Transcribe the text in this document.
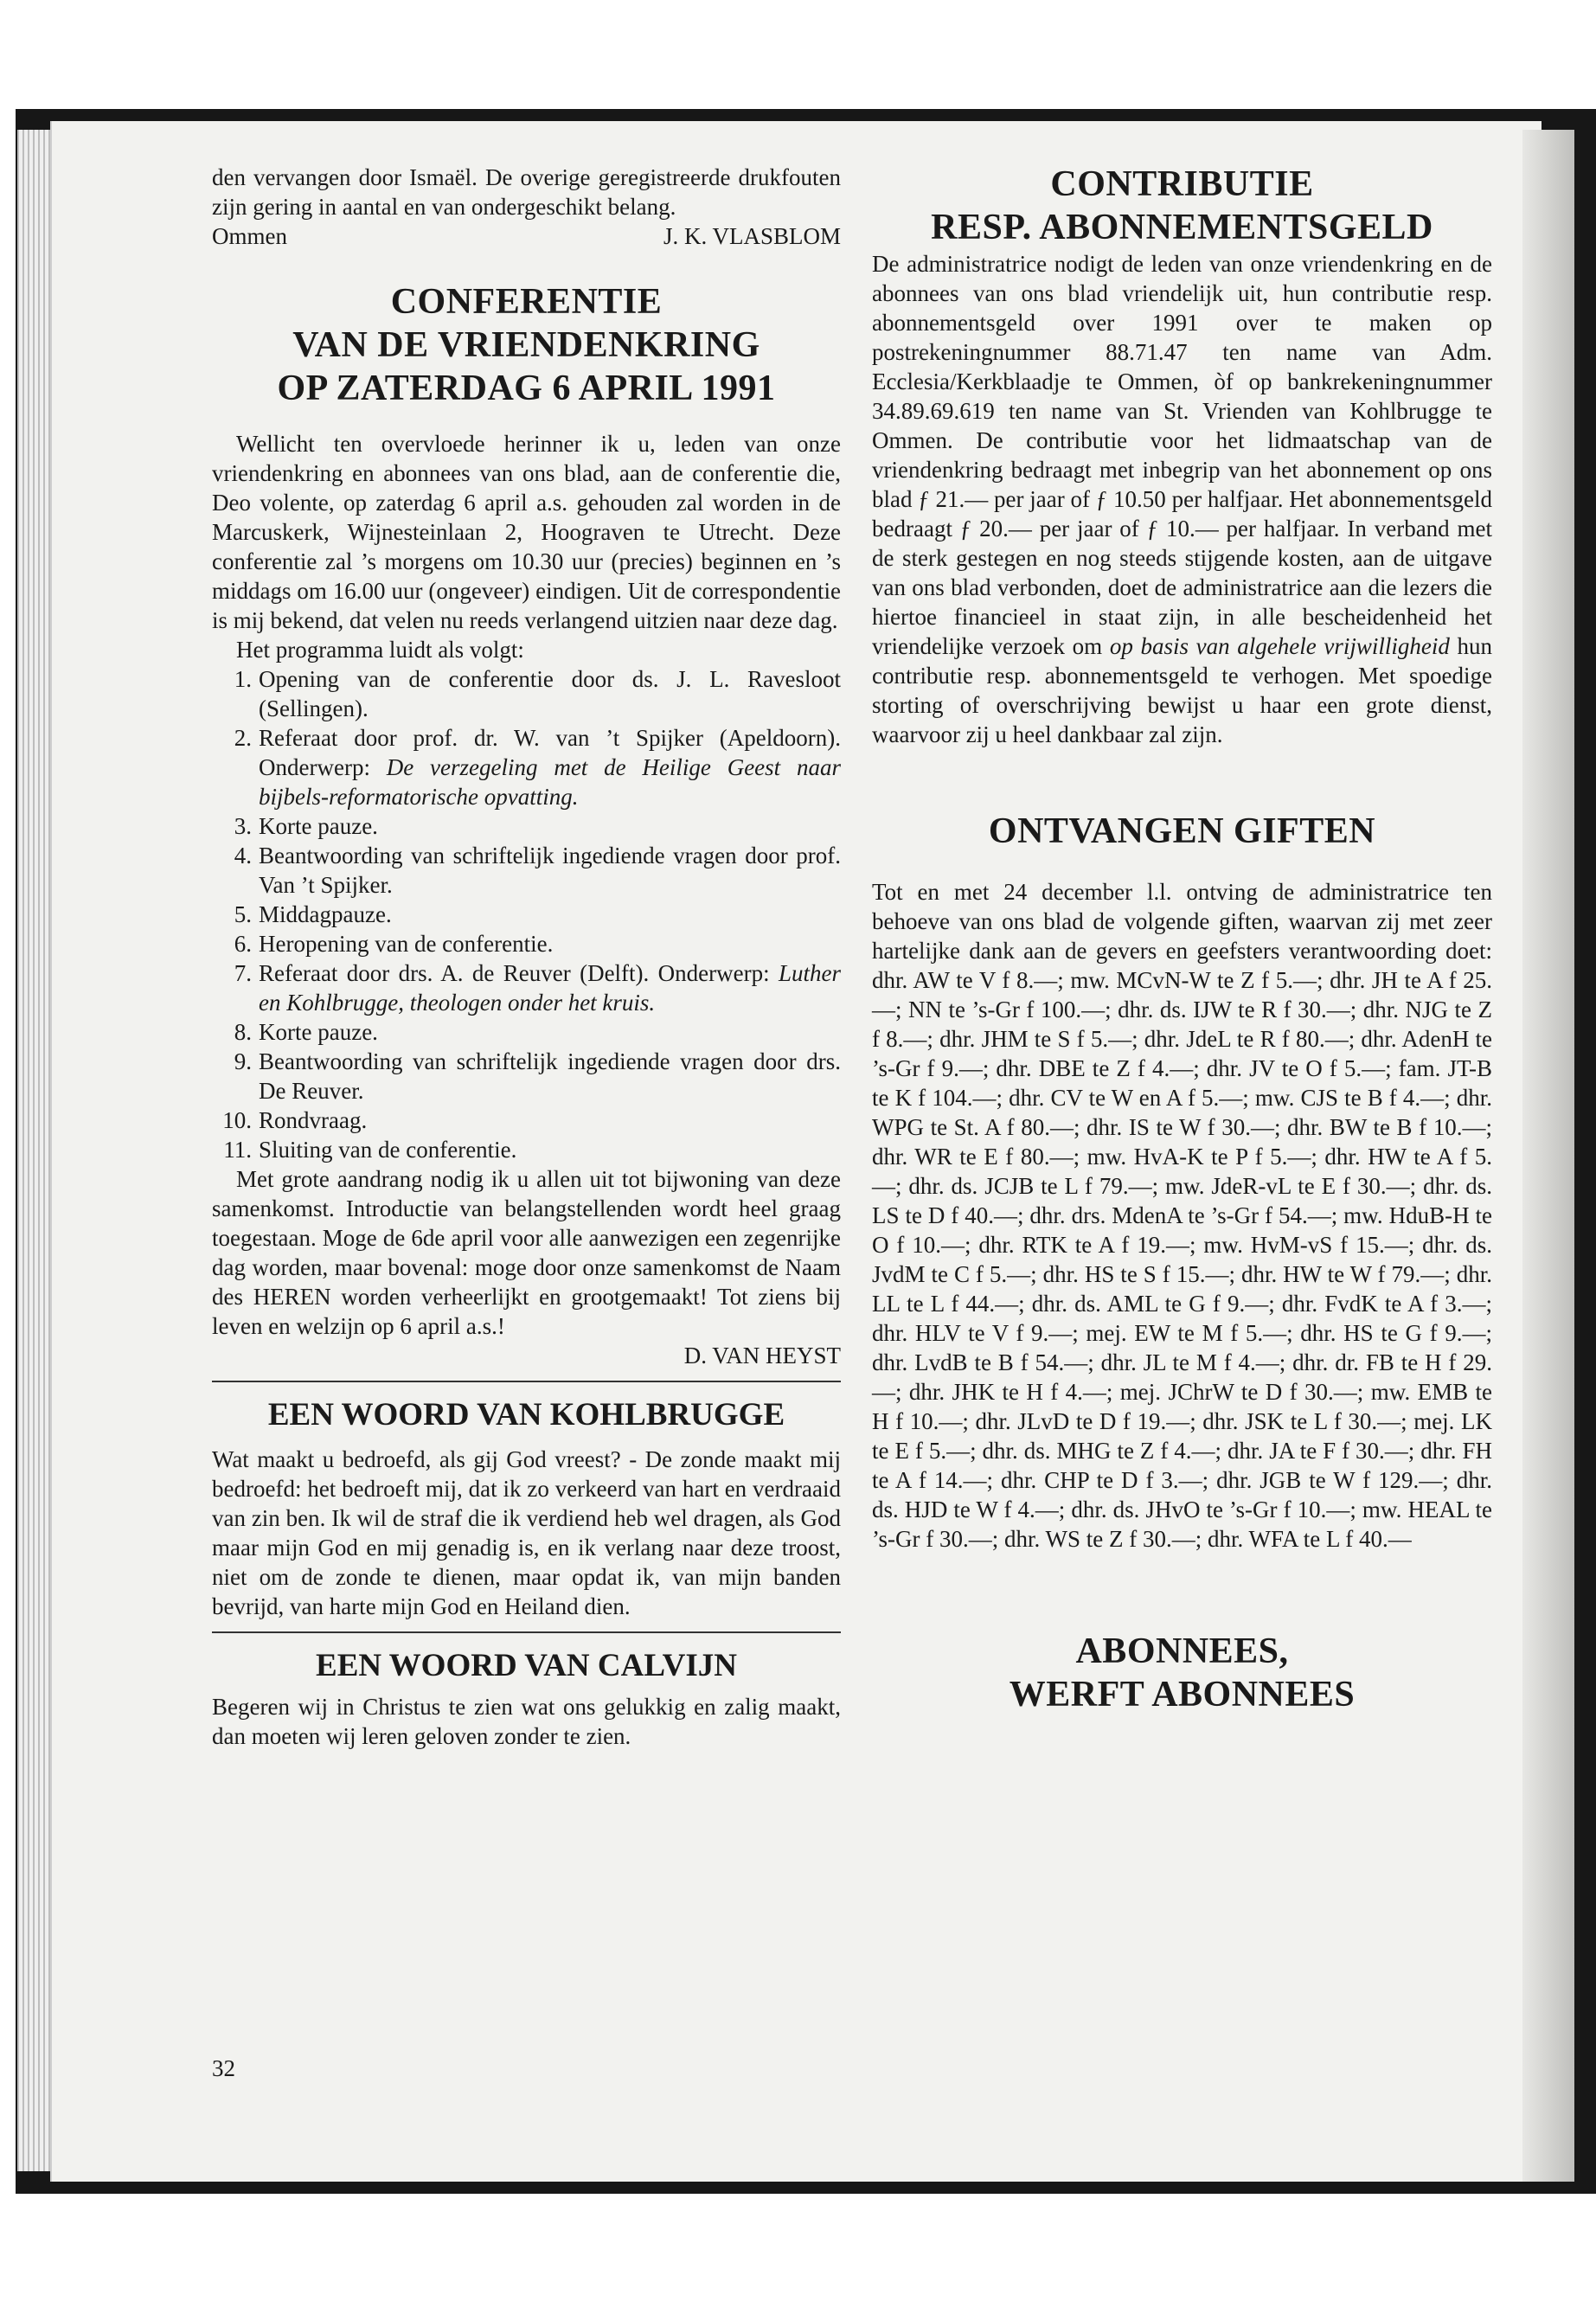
den vervangen door Ismaël. De overige geregistreerde drukfouten zijn gering in aantal en van ondergeschikt belang.

Ommen	J. K. VLASBLOM
CONFERENTIE
VAN DE VRIENDENKRING
OP ZATERDAG 6 APRIL 1991

Wellicht ten overvloede herinner ik u, leden van onze vriendenkring en abonnees van ons blad, aan de conferentie die, Deo volente, op zaterdag 6 april a.s. gehouden zal worden in de Marcuskerk, Wijnesteinlaan 2, Hoograven te Utrecht. Deze conferentie zal ’s morgens om 10.30 uur (precies) beginnen en ’s middags om 16.00 uur (ongeveer) eindigen. Uit de correspondentie is mij bekend, dat velen nu reeds verlangend uitzien naar deze dag.

Het programma luidt als volgt:

1. Opening van de conferentie door ds. J. L. Ravesloot (Sellingen).
2. Referaat door prof. dr. W. van ’t Spijker (Apeldoorn). Onderwerp: De verzegeling met de Heilige Geest naar bijbels-reformatorische opvatting.
3. Korte pauze.
4. Beantwoording van schriftelijk ingediende vragen door prof. Van ’t Spijker.
5. Middagpauze.
6. Heropening van de conferentie.
7. Referaat door drs. A. de Reuver (Delft). Onderwerp: Luther en Kohlbrugge, theologen onder het kruis.
8. Korte pauze.
9. Beantwoording van schriftelijk ingediende vragen door drs. De Reuver.
10. Rondvraag.
11. Sluiting van de conferentie.

Met grote aandrang nodig ik u allen uit tot bijwoning van deze samenkomst. Introductie van belangstellenden wordt heel graag toegestaan. Moge de 6de april voor alle aanwezigen een zegenrijke dag worden, maar bovenal: moge door onze samenkomst de Naam des HEREN worden verheerlijkt en grootgemaakt! Tot ziens bij leven en welzijn op 6 april a.s.!

D. VAN HEYST
EEN WOORD VAN KOHLBRUGGE

Wat maakt u bedroefd, als gij God vreest? - De zonde maakt mij bedroefd: het bedroeft mij, dat ik zo verkeerd van hart en verdraaid van zin ben. Ik wil de straf die ik verdiend heb wel dragen, als God maar mijn God en mij genadig is, en ik verlang naar deze troost, niet om de zonde te dienen, maar opdat ik, van mijn banden bevrijd, van harte mijn God en Heiland dien.

EEN WOORD VAN CALVIJN

Begeren wij in Christus te zien wat ons gelukkig en zalig maakt, dan moeten wij leren geloven zonder te zien.

32
CONTRIBUTIE
RESP. ABONNEMENTSGELD

De administratrice nodigt de leden van onze vriendenkring en de abonnees van ons blad vriendelijk uit, hun contributie resp. abonnementsgeld over 1991 over te maken op postrekeningnummer 88.71.47 ten name van Adm. Ecclesia/Kerkblaadje te Ommen, òf op bankrekeningnummer 34.89.69.619 ten name van St. Vrienden van Kohlbrugge te Ommen. De contributie voor het lidmaatschap van de vriendenkring bedraagt met inbegrip van het abonnement op ons blad ƒ 21.— per jaar of ƒ 10.50 per halfjaar. Het abonnementsgeld bedraagt ƒ 20.— per jaar of ƒ 10.— per halfjaar. In verband met de sterk gestegen en nog steeds stijgende kosten, aan de uitgave van ons blad verbonden, doet de administratrice aan die lezers die hiertoe financieel in staat zijn, in alle bescheidenheid het vriendelijke verzoek om op basis van algehele vrijwilligheid hun contributie resp. abonnementsgeld te verhogen. Met spoedige storting of overschrijving bewijst u haar een grote dienst, waarvoor zij u heel dankbaar zal zijn.

ONTVANGEN GIFTEN

Tot en met 24 december l.l. ontving de administratrice ten behoeve van ons blad de volgende giften, waarvan zij met zeer hartelijke dank aan de gevers en geefsters verantwoording doet: dhr. AW te V f 8.—; mw. MCvN-W te Z f 5.—; dhr. JH te A f 25.—; NN te ’s-Gr f 100.—; dhr. ds. IJW te R f 30.—; dhr. NJG te Z f 8.—; dhr. JHM te S f 5.—; dhr. JdeL te R f 80.—; dhr. AdenH te ’s-Gr f 9.—; dhr. DBE te Z f 4.—; dhr. JV te O f 5.—; fam. JT-B te K f 104.—; dhr. CV te W en A f 5.—; mw. CJS te B f 4.—; dhr. WPG te St. A f 80.—; dhr. IS te W f 30.—; dhr. BW te B f 10.—; dhr. WR te E f 80.—; mw. HvA-K te P f 5.—; dhr. HW te A f 5.—; dhr. ds. JCJB te L f 79.—; mw. JdeR-vL te E f 30.—; dhr. ds. LS te D f 40.—; dhr. drs. MdenA te ’s-Gr f 54.—; mw. HduB-H te O f 10.—; dhr. RTK te A f 19.—; mw. HvM-vS f 15.—; dhr. ds. JvdM te C f 5.—; dhr. HS te S f 15.—; dhr. HW te W f 79.—; dhr. LL te L f 44.—; dhr. ds. AML te G f 9.—; dhr. FvdK te A f 3.—; dhr. HLV te V f 9.—; mej. EW te M f 5.—; dhr. HS te G f 9.—; dhr. LvdB te B f 54.—; dhr. JL te M f 4.—; dhr. dr. FB te H f 29.—; dhr. JHK te H f 4.—; mej. JChrW te D f 30.—; mw. EMB te H f 10.—; dhr. JLvD te D f 19.—; dhr. JSK te L f 30.—; mej. LK te E f 5.—; dhr. ds. MHG te Z f 4.—; dhr. JA te F f 30.—; dhr. FH te A f 14.—; dhr. CHP te D f 3.—; dhr. JGB te W f 129.—; dhr. ds. HJD te W f 4.—; dhr. ds. JHvO te ’s-Gr f 10.—; mw. HEAL te ’s-Gr f 30.—; dhr. WS te Z f 30.—; dhr. WFA te L f 40.—

ABONNEES,
WERFT ABONNEES
